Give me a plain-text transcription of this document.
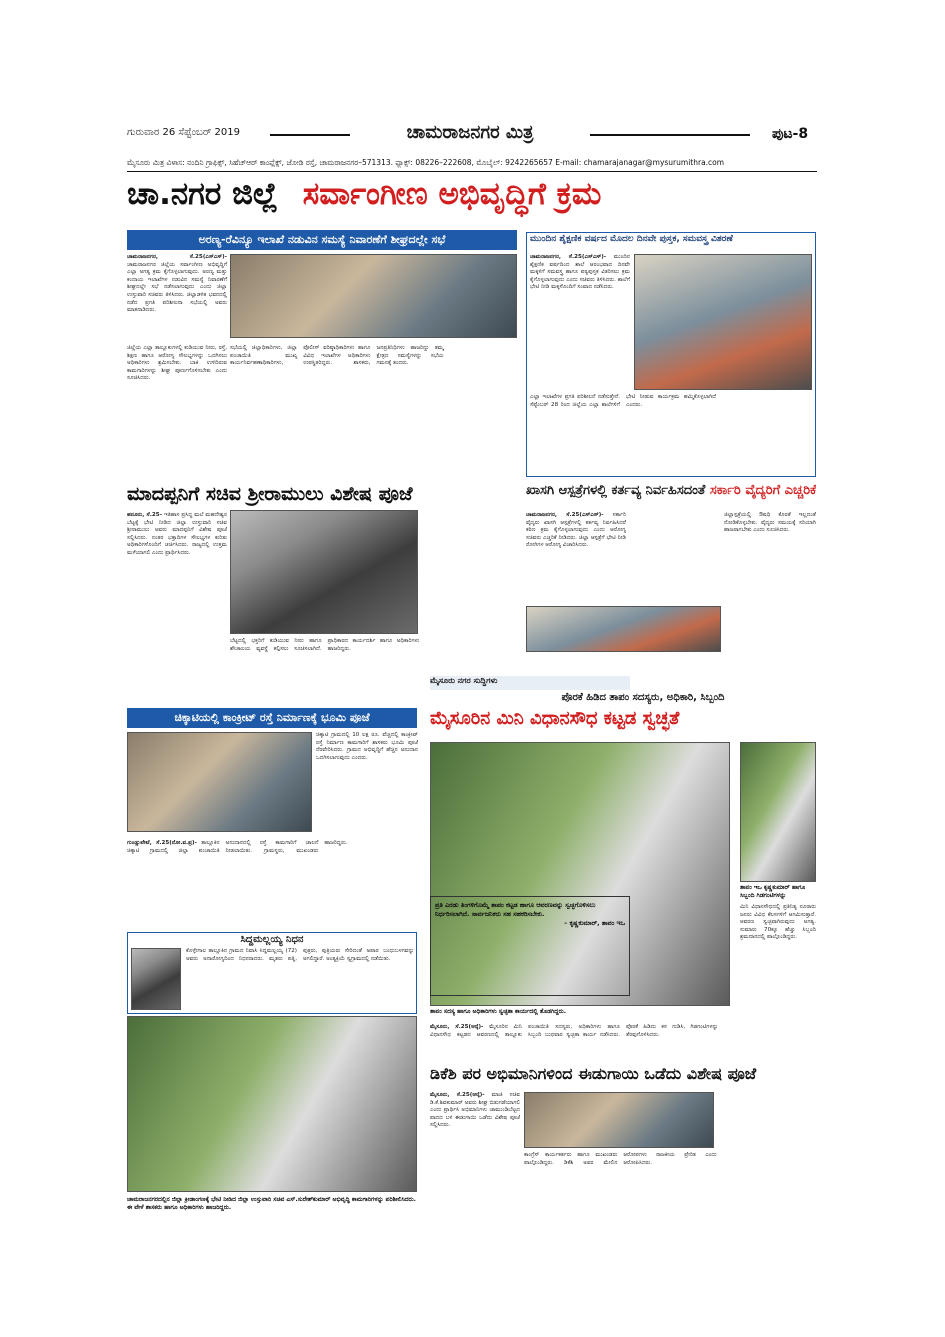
ಗುರುವಾರ 26 ಸೆಪ್ಟೆಂಬರ್ 2019	ಚಾಮರಾಜನಗರ ಮಿತ್ರ	ಪುಟ-8
ಮೈಸೂರು ಮಿತ್ರ ವಿಳಾಸ: ನಂದಿನಿ ಗ್ರಾಫಿಕ್ಸ್, ಸಿಹೆಚ್‍ಆರ್ ಕಾಂಪ್ಲೆಕ್ಸ್, ಜೋಡಿ ರಸ್ತೆ, ಚಾಮರಾಜನಗರ–571313. ಫ್ಯಾಕ್ಸ್: 08226–222608, ಮೊಬೈಲ್: 9242265657 E-mail: chamarajanagar@mysurumithra.com
ಚಾ.ನಗರ ಜಿಲ್ಲೆ ಸರ್ವಾಂಗೀಣ ಅಭಿವೃದ್ಧಿಗೆ ಕ್ರಮ
ಅರಣ್ಯ-ರೆವಿನ್ಯೂ ಇಲಾಖೆ ನಡುವಿನ ಸಮಸ್ಯೆ ನಿವಾರಣೆಗೆ ಶೀಘ್ರದಲ್ಲೇ ಸಭೆ
ಚಾಮರಾಜನಗರ, ಸೆ.25(ಎಸ್‍ಎಸ್)- ಚಾಮರಾಜನಗರ ಜಿಲ್ಲೆಯ ಸರ್ವಾಂಗೀಣ ಅಭಿವೃದ್ಧಿಗೆ ಎಲ್ಲಾ ಅಗತ್ಯ ಕ್ರಮ ಕೈಗೊಳ್ಳಲಾಗುವುದು. ಅರಣ್ಯ ಮತ್ತು ಕಂದಾಯ ಇಲಾಖೆಗಳ ನಡುವಿನ ಸಮಸ್ಯೆ ನಿವಾರಣೆಗೆ ಶೀಘ್ರದಲ್ಲೇ ಸಭೆ ನಡೆಸಲಾಗುವುದು ಎಂದು ಜಿಲ್ಲಾ ಉಸ್ತುವಾರಿ ಸಚಿವರು ತಿಳಿಸಿದರು. ಜಿಲ್ಲಾಡಳಿತ ಭವನದಲ್ಲಿ ನಡೆದ ಪ್ರಗತಿ ಪರಿಶೀಲನಾ ಸಭೆಯಲ್ಲಿ ಅವರು ಮಾತನಾಡಿದರು.
ಜಿಲ್ಲೆಯ ಎಲ್ಲಾ ತಾಲ್ಲೂಕುಗಳಲ್ಲಿ ಕುಡಿಯುವ ನೀರು, ರಸ್ತೆ, ಶಿಕ್ಷಣ ಹಾಗೂ ಆರೋಗ್ಯ ಸೌಲಭ್ಯಗಳನ್ನು ಒದಗಿಸಲು ಅಧಿಕಾರಿಗಳು ಶ್ರಮಿಸಬೇಕು. ಬಾಕಿ ಉಳಿದಿರುವ ಕಾಮಗಾರಿಗಳನ್ನು ಶೀಘ್ರ ಪೂರ್ಣಗೊಳಿಸಬೇಕು ಎಂದು ಸೂಚಿಸಿದರು.
ಸಭೆಯಲ್ಲಿ ಜಿಲ್ಲಾಧಿಕಾರಿಗಳು, ಜಿಲ್ಲಾ ಪಂಚಾಯಿತಿ ಮುಖ್ಯ ಕಾರ್ಯನಿರ್ವಹಣಾಧಿಕಾರಿಗಳು, ಪೊಲೀಸ್ ವರಿಷ್ಠಾಧಿಕಾರಿಗಳು ಹಾಗೂ ವಿವಿಧ ಇಲಾಖೆಗಳ ಅಧಿಕಾರಿಗಳು ಉಪಸ್ಥಿತರಿದ್ದರು. ಶಾಸಕರು, ಜನಪ್ರತಿನಿಧಿಗಳು ಹಾಜರಿದ್ದು ತಮ್ಮ ಕ್ಷೇತ್ರದ ಸಮಸ್ಯೆಗಳನ್ನು ಸಭೆಯ ಗಮನಕ್ಕೆ ತಂದರು.
ಮುಂದಿನ ಶೈಕ್ಷಣಿಕ ವರ್ಷದ ಮೊದಲ ದಿನವೇ ಪುಸ್ತಕ, ಸಮವಸ್ತ್ರ ವಿತರಣೆ
ಚಾಮರಾಜನಗರ, ಸೆ.25(ಎಸ್‍ಎಸ್)- ಮುಂದಿನ ಶೈಕ್ಷಣಿಕ ವರ್ಷದಿಂದ ಶಾಲೆ ಆರಂಭವಾದ ದಿನವೇ ಮಕ್ಕಳಿಗೆ ಸಮವಸ್ತ್ರ ಹಾಗೂ ಪಠ್ಯಪುಸ್ತಕ ವಿತರಿಸಲು ಕ್ರಮ ಕೈಗೊಳ್ಳಲಾಗುವುದು ಎಂದು ಸಚಿವರು ತಿಳಿಸಿದರು. ಶಾಲೆಗೆ ಭೇಟಿ ನೀಡಿ ಮಕ್ಕಳೊಂದಿಗೆ ಸಂವಾದ ನಡೆಸಿದರು.
ಎಲ್ಲಾ ಇಲಾಖೆಗಳ ಪ್ರಗತಿ ಪರಿಶೀಲನೆ ನಡೆಸುತ್ತೇನೆ. ಸೆಪ್ಟೆಂಬರ್ 28 ರಿಂದ ಜಿಲ್ಲೆಯ ಎಲ್ಲಾ ಶಾಲೆಗಳಿಗೆ ಭೇಟಿ ನೀಡುವ ಕಾರ್ಯಕ್ರಮ ಹಮ್ಮಿಕೊಳ್ಳಲಾಗಿದೆ ಎಂದರು.
ಮಾದಪ್ಪನಿಗೆ ಸಚಿವ ಶ್ರೀರಾಮುಲು ವಿಶೇಷ ಪೂಜೆ
ಹನೂರು, ಸೆ.25- ಇತಿಹಾಸ ಪ್ರಸಿದ್ಧ ಮಲೆ ಮಹದೇಶ್ವರ ಬೆಟ್ಟಕ್ಕೆ ಭೇಟಿ ನೀಡಿದ ಜಿಲ್ಲಾ ಉಸ್ತುವಾರಿ ಸಚಿವ ಶ್ರೀರಾಮುಲು ಅವರು ಮಾದಪ್ಪನಿಗೆ ವಿಶೇಷ ಪೂಜೆ ಸಲ್ಲಿಸಿದರು. ನಂತರ ಭಕ್ತಾದಿಗಳ ಸೌಲಭ್ಯಗಳ ಕುರಿತು ಅಧಿಕಾರಿಗಳೊಂದಿಗೆ ಚರ್ಚಿಸಿದರು. ರಾಜ್ಯದಲ್ಲಿ ಉತ್ತಮ ಮಳೆಯಾಗಲಿ ಎಂದು ಪ್ರಾರ್ಥಿಸಿದರು.
ಬೆಟ್ಟದಲ್ಲಿ ಭಕ್ತರಿಗೆ ಕುಡಿಯುವ ನೀರು ಹಾಗೂ ಶೌಚಾಲಯ ವ್ಯವಸ್ಥೆ ಕಲ್ಪಿಸಲು ಸೂಚಿಸಲಾಗಿದೆ. ಪ್ರಾಧಿಕಾರದ ಕಾರ್ಯದರ್ಶಿ ಹಾಗೂ ಅಧಿಕಾರಿಗಳು ಹಾಜರಿದ್ದರು.
ಖಾಸಗಿ ಆಸ್ಪತ್ರೆಗಳಲ್ಲಿ ಕರ್ತವ್ಯ ನಿರ್ವಹಿಸದಂತೆ ಸರ್ಕಾರಿ ವೈದ್ಯರಿಗೆ ಎಚ್ಚರಿಕೆ
ಚಾಮರಾಜನಗರ, ಸೆ.25(ಎಸ್‍ಎಸ್)- ಸರ್ಕಾರಿ ವೈದ್ಯರು ಖಾಸಗಿ ಆಸ್ಪತ್ರೆಗಳಲ್ಲಿ ಕರ್ತವ್ಯ ನಿರ್ವಹಿಸಿದರೆ ಕಠಿಣ ಕ್ರಮ ಕೈಗೊಳ್ಳಲಾಗುವುದು ಎಂದು ಆರೋಗ್ಯ ಸಚಿವರು ಎಚ್ಚರಿಕೆ ನೀಡಿದರು. ಜಿಲ್ಲಾ ಆಸ್ಪತ್ರೆಗೆ ಭೇಟಿ ನೀಡಿ ರೋಗಿಗಳ ಆರೋಗ್ಯ ವಿಚಾರಿಸಿದರು.
ಜಿಲ್ಲಾಸ್ಪತ್ರೆಯಲ್ಲಿ ಔಷಧಿ ಕೊರತೆ ಇಲ್ಲದಂತೆ ನೋಡಿಕೊಳ್ಳಬೇಕು. ವೈದ್ಯರು ಸಮಯಕ್ಕೆ ಸರಿಯಾಗಿ ಹಾಜರಾಗಬೇಕು ಎಂದು ಸೂಚಿಸಿದರು.
ಮೈಸೂರು ನಗರ ಸುದ್ದಿಗಳು
ಪೊರಕೆ ಹಿಡಿದ ತಾಪಂ ಸದಸ್ಯರು, ಅಧಿಕಾರಿ, ಸಿಬ್ಬಂದಿ
ಮೈಸೂರಿನ ಮಿನಿ ವಿಧಾನಸೌಧ ಕಟ್ಟಡ ಸ್ವಚ್ಛತೆ
ತಾಪಂ ಸದಸ್ಯ ಹಾಗೂ ಅಧಿಕಾರಿಗಳು ಸ್ವಚ್ಛತಾ ಕಾರ್ಯದಲ್ಲಿ ತೊಡಗಿದ್ದರು.
ತಾಪಂ ಇಒ ಕೃಷ್ಣಕುಮಾರ್ ಹಾಗೂ ಸಿಬ್ಬಂದಿ ಗಿಡಗಂಟಿಗಳನ್ನು
ಪ್ರತಿ ಎರಡು ತಿಂಗಳಿಗೊಮ್ಮೆ ತಾಪಂ ಕಟ್ಟಡ ಹಾಗೂ ಆವರಣವನ್ನು ಸ್ವಚ್ಛಗೊಳಿಸಲು ನಿರ್ಧರಿಸಲಾಗಿದೆ. ಸಾರ್ವಜನಿಕರು ಸಹ ಸಹಕರಿಸಬೇಕು.
– ಕೃಷ್ಣಕುಮಾರ್, ತಾಪಂ ಇಒ
ಮೈಸೂರು, ಸೆ.25(ಆರ್‍ಕೆ)- ಮೈಸೂರಿನ ಮಿನಿ ವಿಧಾನಸೌಧ ಕಟ್ಟಡದ ಆವರಣದಲ್ಲಿ ತಾಲ್ಲೂಕು ಪಂಚಾಯಿತಿ ಸದಸ್ಯರು, ಅಧಿಕಾರಿಗಳು ಹಾಗೂ ಸಿಬ್ಬಂದಿ ಬುಧವಾರ ಸ್ವಚ್ಛತಾ ಕಾರ್ಯ ನಡೆಸಿದರು. ಪೊರಕೆ ಹಿಡಿದು ಕಸ ಗುಡಿಸಿ, ಗಿಡಗಂಟಿಗಳನ್ನು ತೆರವುಗೊಳಿಸಿದರು.
ಮಿನಿ ವಿಧಾನಸೌಧದಲ್ಲಿ ಪ್ರತಿನಿತ್ಯ ನೂರಾರು ಜನರು ವಿವಿಧ ಕೆಲಸಗಳಿಗೆ ಆಗಮಿಸುತ್ತಾರೆ. ಆವರಣ ಸ್ವಚ್ಛವಾಗಿರುವುದು ಅಗತ್ಯ. ಸುಮಾರು 70ಕ್ಕೂ ಹೆಚ್ಚು ಸಿಬ್ಬಂದಿ ಶ್ರಮದಾನದಲ್ಲಿ ಪಾಲ್ಗೊಂಡಿದ್ದರು.
ಚಿಕ್ಕಾಟಿಯಲ್ಲಿ ಕಾಂಕ್ರೀಟ್ ರಸ್ತೆ ನಿರ್ಮಾಣಕ್ಕೆ ಭೂಮಿ ಪೂಜೆ
ಚಿಕ್ಕಾಟಿ ಗ್ರಾಮದಲ್ಲಿ 10 ಲಕ್ಷ ರೂ. ವೆಚ್ಚದಲ್ಲಿ ಕಾಂಕ್ರೀಟ್ ರಸ್ತೆ ನಿರ್ಮಾಣ ಕಾಮಗಾರಿಗೆ ಶಾಸಕರು ಭೂಮಿ ಪೂಜೆ ನೆರವೇರಿಸಿದರು. ಗ್ರಾಮದ ಅಭಿವೃದ್ಧಿಗೆ ಹೆಚ್ಚಿನ ಅನುದಾನ ಒದಗಿಸಲಾಗುವುದು ಎಂದರು.
ಗುಂಡ್ಲುಪೇಟೆ, ಸೆ.25(ನೋ.ವ.ಪ್ರ)- ತಾಲ್ಲೂಕಿನ ಚಿಕ್ಕಾಟಿ ಗ್ರಾಮದಲ್ಲಿ ಜಿಲ್ಲಾ ಪಂಚಾಯಿತಿ ಅನುದಾನದಲ್ಲಿ ರಸ್ತೆ ಕಾಮಗಾರಿಗೆ ಚಾಲನೆ ನೀಡಲಾಯಿತು. ಗ್ರಾಮಸ್ಥರು, ಮುಖಂಡರು ಹಾಜರಿದ್ದರು.
ಸಿದ್ದಮಲ್ಲಯ್ಯ ನಿಧನ
ಕೊಳ್ಳೇಗಾಲ ತಾಲ್ಲೂಕಿನ ಗ್ರಾಮದ ನಿವಾಸಿ ಸಿದ್ದಮಲ್ಲಯ್ಯ (72) ಅವರು ಅನಾರೋಗ್ಯದಿಂದ ನಿಧನರಾದರು. ಮೃತರು ಪತ್ನಿ, ಪುತ್ರರು, ಪುತ್ರಿಯರು ಸೇರಿದಂತೆ ಅಪಾರ ಬಂಧುಬಳಗವನ್ನು ಅಗಲಿದ್ದಾರೆ. ಅಂತ್ಯಕ್ರಿಯೆ ಸ್ವಗ್ರಾಮದಲ್ಲಿ ನಡೆಯಿತು.
ಚಾಮರಾಜನಗರದಲ್ಲಿನ ಜಿಲ್ಲಾ ಕ್ರೀಡಾಂಗಣಕ್ಕೆ ಭೇಟಿ ನೀಡಿದ ಜಿಲ್ಲಾ ಉಸ್ತುವಾರಿ ಸಚಿವ ಎಸ್.ಸುರೇಶ್‍ಕುಮಾರ್ ಅಭಿವೃದ್ಧಿ ಕಾಮಗಾರಿಗಳನ್ನು ಪರಿಶೀಲಿಸಿದರು. ಈ ವೇಳೆ ಶಾಸಕರು ಹಾಗೂ ಅಧಿಕಾರಿಗಳು ಹಾಜರಿದ್ದರು.
ಡಿಕೆಶಿ ಪರ ಅಭಿಮಾನಿಗಳಿಂದ ಈಡುಗಾಯಿ ಒಡೆದು ವಿಶೇಷ ಪೂಜೆ
ಮೈಸೂರು, ಸೆ.25(ಆರ್‍ಕೆ)- ಮಾಜಿ ಸಚಿವ ಡಿ.ಕೆ.ಶಿವಕುಮಾರ್ ಅವರು ಶೀಘ್ರ ಬಿಡುಗಡೆಯಾಗಲಿ ಎಂದು ಪ್ರಾರ್ಥಿಸಿ ಅಭಿಮಾನಿಗಳು ಚಾಮುಂಡಿಬೆಟ್ಟದ ಪಾದದ ಬಳಿ ಈಡುಗಾಯಿ ಒಡೆದು ವಿಶೇಷ ಪೂಜೆ ಸಲ್ಲಿಸಿದರು.
ಕಾಂಗ್ರೆಸ್ ಕಾರ್ಯಕರ್ತರು ಹಾಗೂ ಮುಖಂಡರು ಪಾಲ್ಗೊಂಡಿದ್ದರು. ಡಿಕೆಶಿ ಅವರ ಮೇಲಿನ ಆರೋಪಗಳು ರಾಜಕೀಯ ಪ್ರೇರಿತ ಎಂದು ಆರೋಪಿಸಿದರು.
